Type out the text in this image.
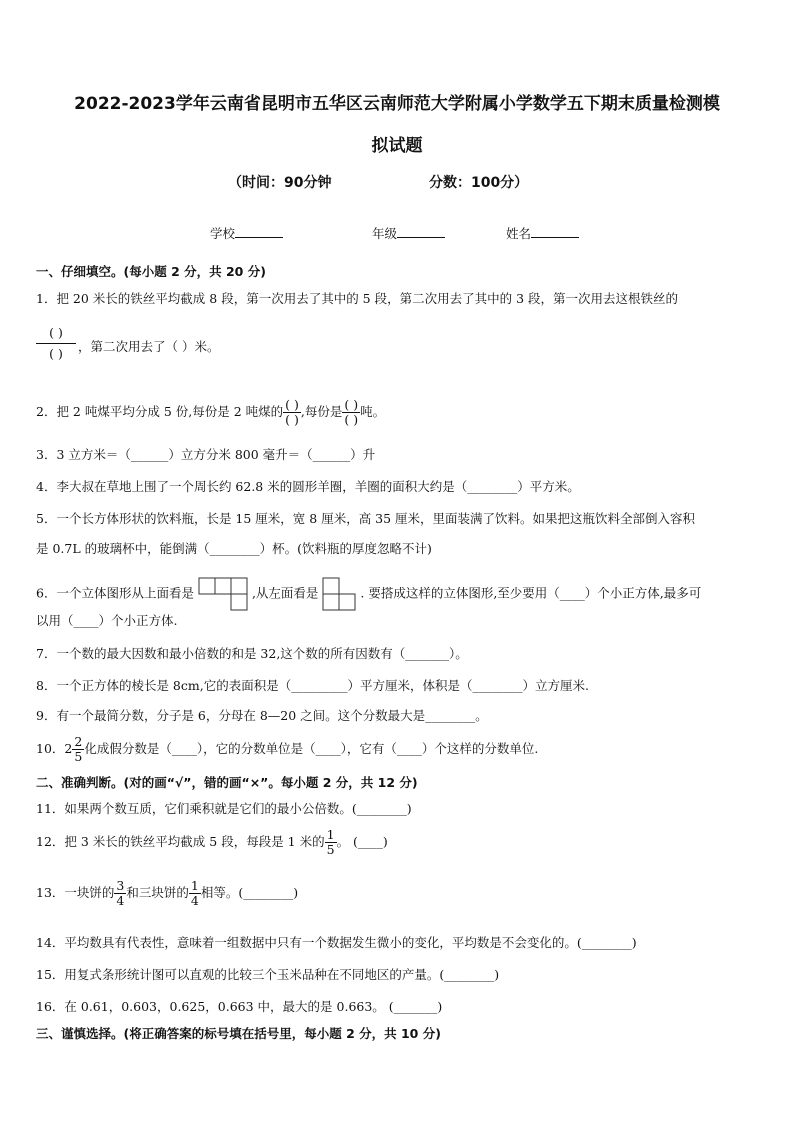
2022-2023学年云南省昆明市五华区云南师范大学附属小学数学五下期末质量检测模
拟试题
（时间：90分钟                    分数：100分）
学校	年级	姓名
一、仔细填空。(每小题 2 分，共 20 分)
1．把 20 米长的铁丝平均截成 8 段，第一次用去了其中的 5 段，第二次用去了其中的 3 段，第一次用去这根铁丝的
( )
( )	，第二次用去了（ ）米。
2．把 2 吨煤平均分成 5 份,每份是 2 吨煤的 $\frac{( )}{( )}$ ,每份是 $\frac{( )}{( )}$ 吨。
3．3 立方米＝（______）立方分米 800 毫升＝（______）升
4．李大叔在草地上围了一个周长约 62.8 米的圆形羊圈，羊圈的面积大约是（________）平方米。
5．一个长方体形状的饮料瓶，长是 15 厘米，宽 8 厘米，高 35 厘米，里面装满了饮料。如果把这瓶饮料全部倒入容积
是 0.7L 的玻璃杯中，能倒满（________）杯。(饮料瓶的厚度忽略不计)
6．一个立体图形从上面看是	,从左面看是	. 要搭成这样的立体图形,至少要用（____）个小正方体,最多可
以用（____）个小正方体.
7．一个数的最大因数和最小倍数的和是 32,这个数的所有因数有（_______）。
8．一个正方体的棱长是 8cm,它的表面积是（_________）平方厘米，体积是（________）立方厘米.
9．有一个最简分数，分子是 6，分母在 8—20 之间。这个分数最大是________。
10．$2 \frac{2}{5}$ 化成假分数是（____），它的分数单位是（____），它有（____）个这样的分数单位.
二、准确判断。(对的画“√”，错的画“×”。每小题 2 分，共 12 分)
11．如果两个数互质，它们乘积就是它们的最小公倍数。(________)
12．把 3 米长的铁丝平均截成 5 段，每段是 1 米的 $\frac{1}{5}$ 。 (____)
13．一块饼的 $\frac{3}{4}$ 和三块饼的 $\frac{1}{4}$ 相等。(________)
14．平均数具有代表性，意味着一组数据中只有一个数据发生微小的变化，平均数是不会变化的。(________)
15．用复式条形统计图可以直观的比较三个玉米品种在不同地区的产量。(________)
16．在 0.61，0.603，0.625，0.663 中，最大的是 0.663。 (_______)
三、谨慎选择。(将正确答案的标号填在括号里，每小题 2 分，共 10 分)
